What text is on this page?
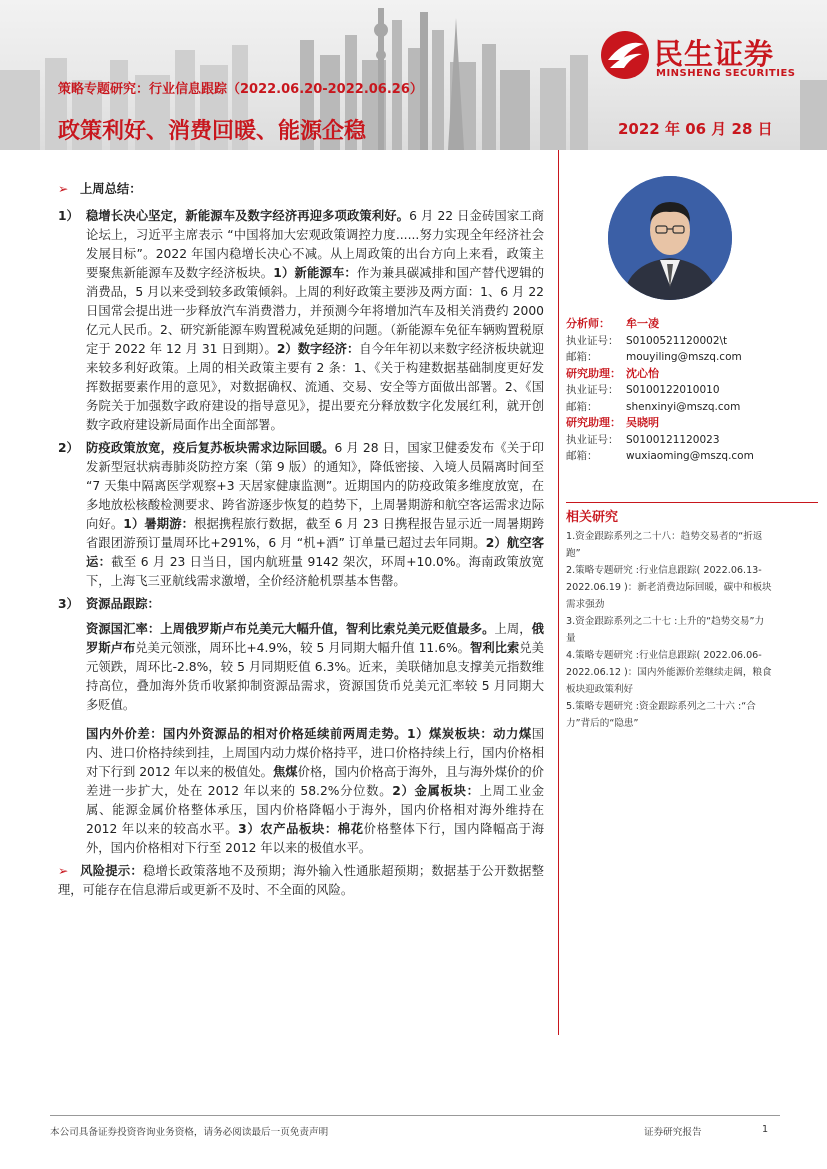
民生证券
MINSHENG SECURITIES
策略专题研究：行业信息跟踪（2022.06.20-2022.06.26）
政策利好、消费回暖、能源企稳	2022 年 06 月 28 日

➢ 上周总结：

1） 稳增长决心坚定，新能源车及数字经济再迎多项政策利好。6 月 22 日金砖国家工商论坛上，习近平主席表示 “中国将加大宏观政策调控力度......努力实现全年经济社会发展目标”。2022 年国内稳增长决心不减。从上周政策的出台方向上来看，政策主要聚焦新能源车及数字经济板块。1）新能源车：作为兼具碳减排和国产替代逻辑的消费品，5 月以来受到较多政策倾斜。上周的利好政策主要涉及两方面：1、6 月 22 日国常会提出进一步释放汽车消费潜力，并预测今年将增加汽车及相关消费约 2000 亿元人民币。2、研究新能源车购置税减免延期的问题。（新能源车免征车辆购置税原定于 2022 年 12 月 31 日到期）。2）数字经济：自今年年初以来数字经济板块就迎来较多利好政策。上周的相关政策主要有 2 条：1、《关于构建数据基础制度更好发挥数据要素作用的意见》，对数据确权、流通、交易、安全等方面做出部署。2、《国务院关于加强数字政府建设的指导意见》，提出要充分释放数字化发展红利，就开创数字政府建设新局面作出全面部署。

2） 防疫政策放宽，疫后复苏板块需求边际回暖。6 月 28 日，国家卫健委发布《关于印发新型冠状病毒肺炎防控方案（第 9 版）的通知》，降低密接、入境人员隔离时间至 “7 天集中隔离医学观察+3 天居家健康监测”。近期国内的防疫政策多维度放宽，在多地放松核酸检测要求、跨省游逐步恢复的趋势下，上周暑期游和航空客运需求边际向好。1）暑期游：根据携程旅行数据，截至 6 月 23 日携程报告显示近一周暑期跨省跟团游预订量周环比+291%，6 月 “机+酒” 订单量已超过去年同期。2）航空客运：截至 6 月 23 日当日，国内航班量 9142 架次，环周+10.0%。海南政策放宽下，上海飞三亚航线需求激增，全价经济舱机票基本售罄。

3） 资源品跟踪：

资源国汇率：上周俄罗斯卢布兑美元大幅升值，智利比索兑美元贬值最多。上周，俄罗斯卢布兑美元领涨，周环比+4.9%，较 5 月同期大幅升值 11.6%。智利比索兑美元领跌，周环比-2.8%，较 5 月同期贬值 6.3%。近来，美联储加息支撑美元指数维持高位，叠加海外货币收紧抑制资源品需求，资源国货币兑美元汇率较 5 月同期大多贬值。

国内外价差：国内外资源品的相对价格延续前两周走势。1）煤炭板块：动力煤国内、进口价格持续到挂，上周国内动力煤价格持平，进口价格持续上行，国内价格相对下行到 2012 年以来的极值处。焦煤价格，国内价格高于海外，且与海外煤价的价差进一步扩大，处在 2012 年以来的 58.2%分位数。2）金属板块：上周工业金属、能源金属价格整体承压，国内价格降幅小于海外，国内价格相对海外维持在 2012 年以来的较高水平。3）农产品板块：棉花价格整体下行，国内降幅高于海外，国内价格相对下行至 2012 年以来的极值水平。

➢ 风险提示：稳增长政策落地不及预期；海外输入性通胀超预期；数据基于公开数据整理，可能存在信息滞后或更新不及时、不全面的风险。

分析师： 牟一凌
执业证号： S0100521120002\t
邮箱：	mouyiling@mszq.com
研究助理： 沈心怡
执业证号： S0100122010010
邮箱：	shenxinyi@mszq.com
研究助理： 吴晓明
执业证号： S0100121120023
邮箱：	wuxiaoming@mszq.com
相关研究

1.资金跟踪系列之二十八：趋势交易者的“折返跑”

2.策略专题研究 :行业信息跟踪( 2022.06.13-2022.06.19 )：新老消费边际回暖，碳中和板块需求强劲

3.资金跟踪系列之二十七 :上升的“趋势交易”力量

4.策略专题研究 :行业信息跟踪( 2022.06.06-2022.06.12 )：国内外能源价差继续走阔，粮食板块迎政策利好

5.策略专题研究 :资金跟踪系列之二十六 :“合力”背后的“隐患”

本公司具备证券投资咨询业务资格，请务必阅读最后一页免责声明	证券研究报告	1
